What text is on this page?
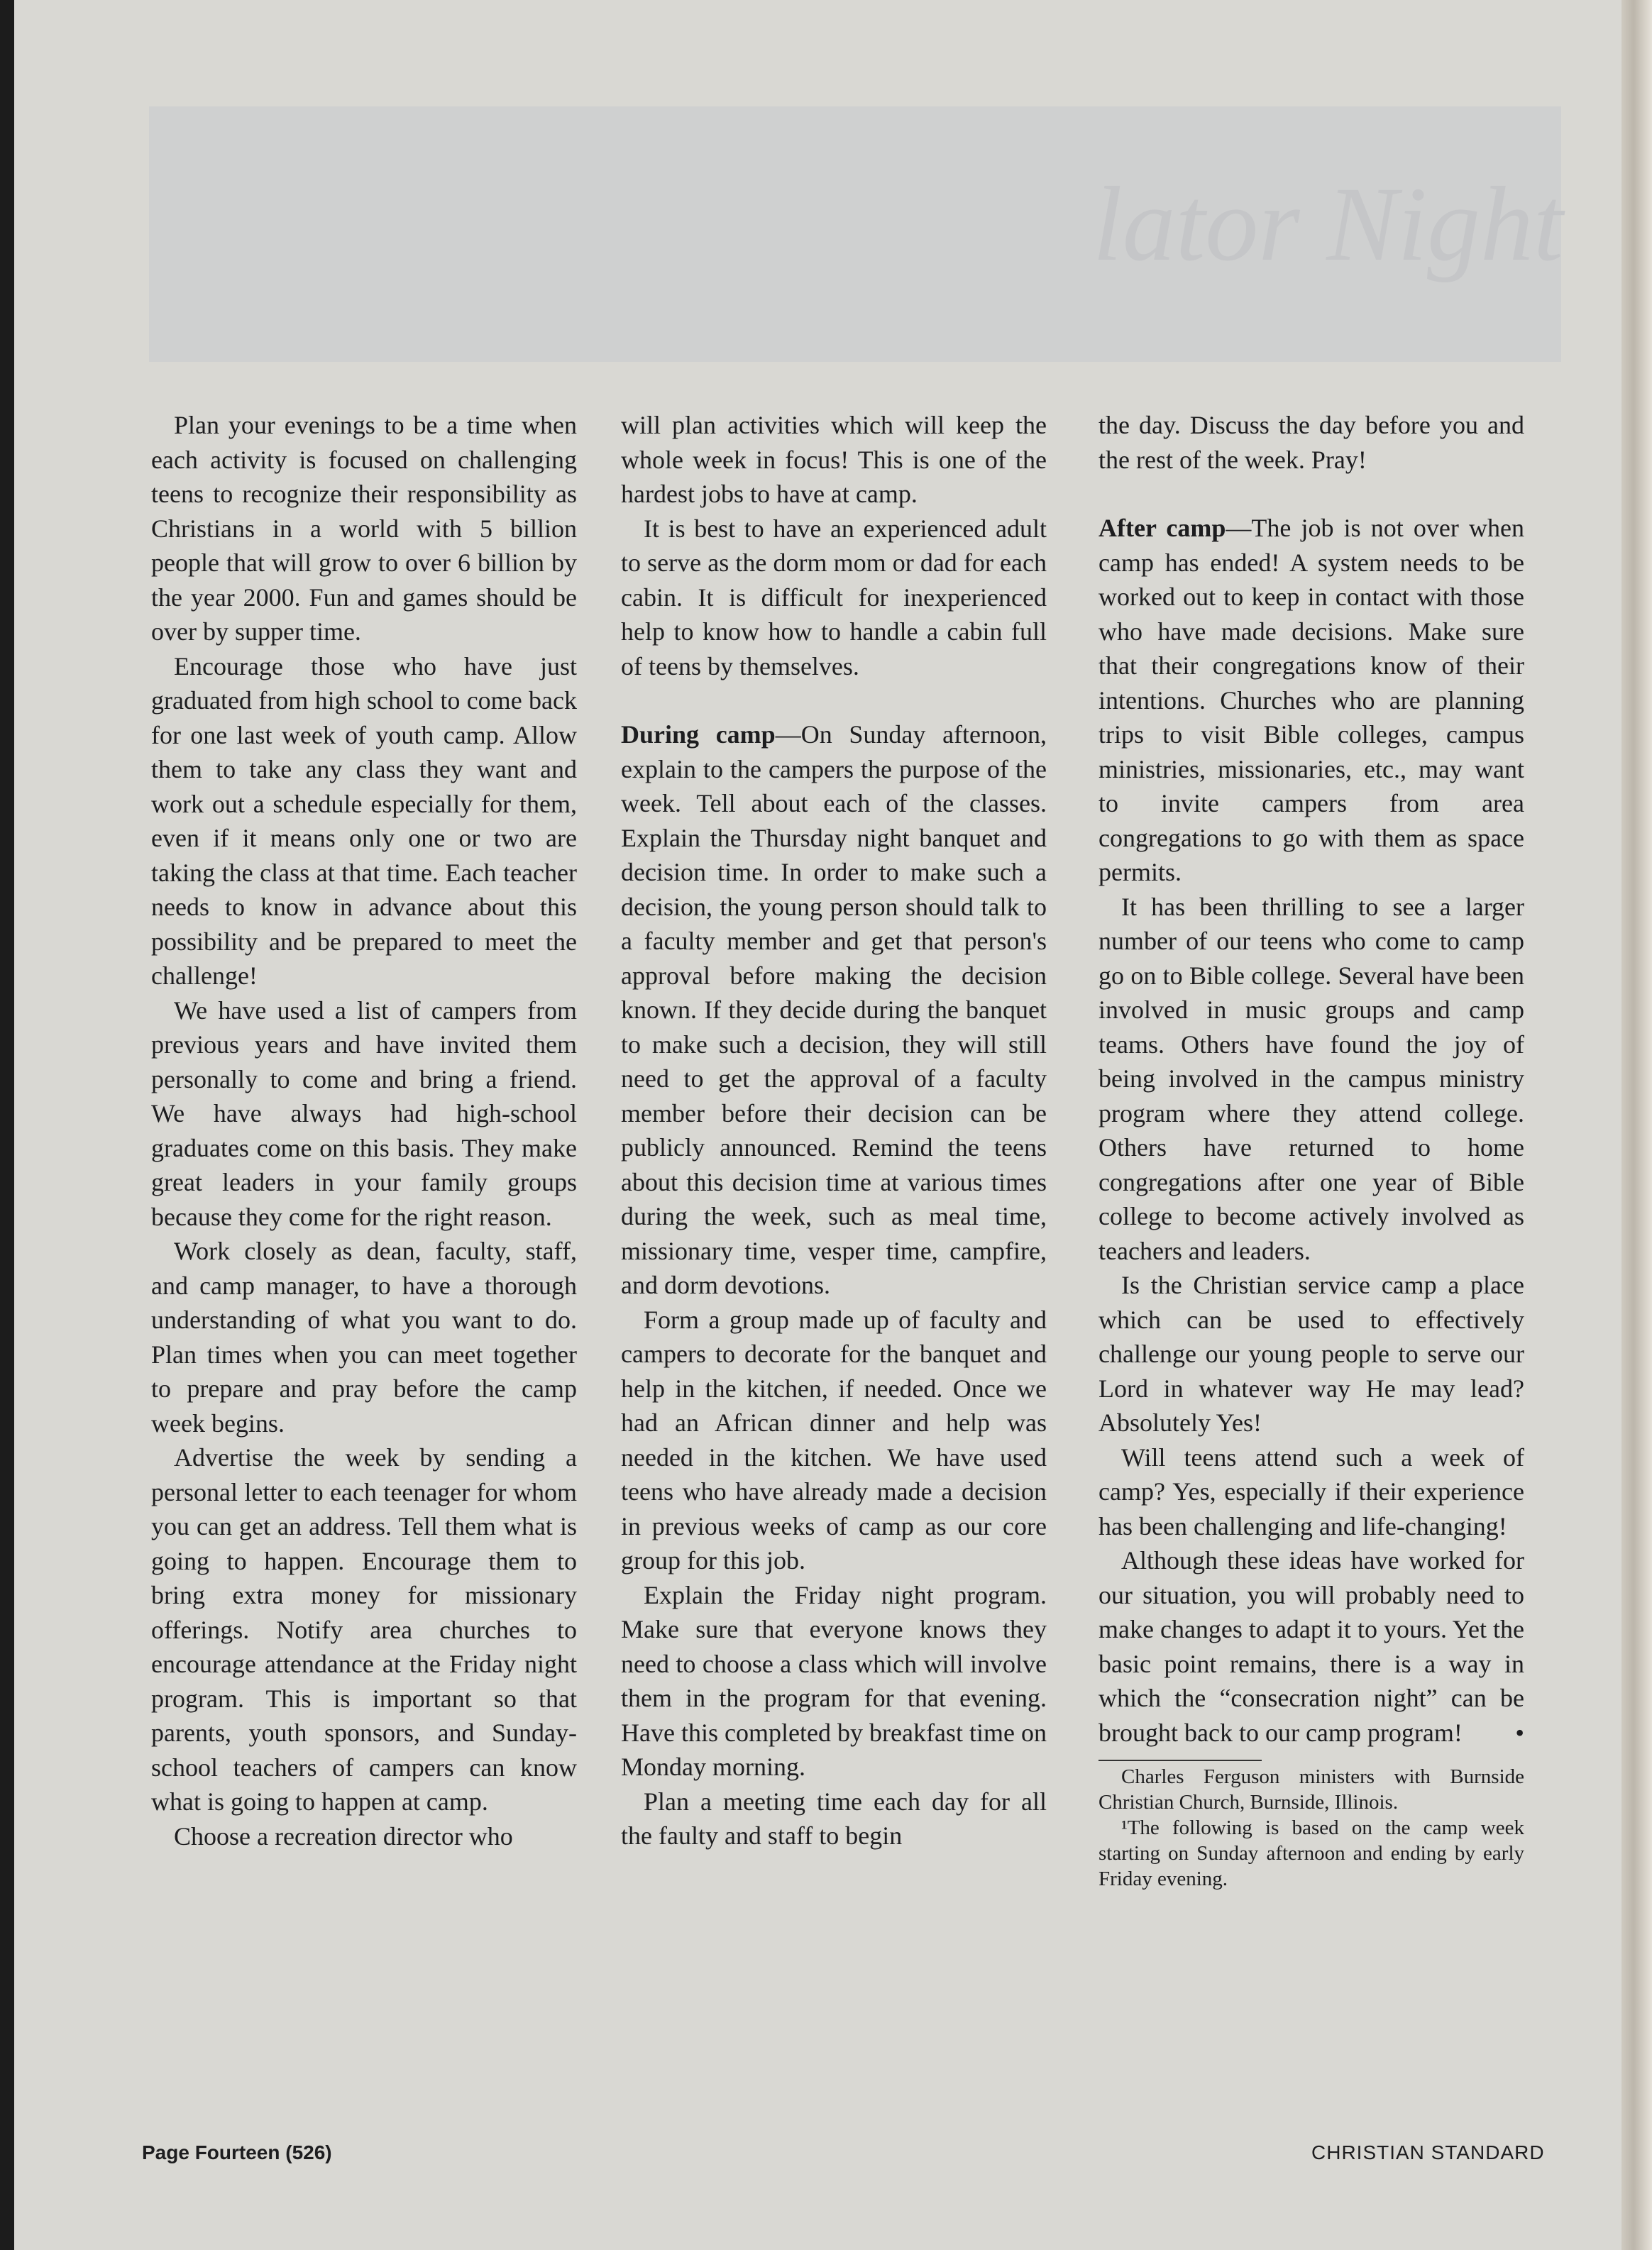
lator Night

Plan your evenings to be a time when each activity is focused on challenging teens to recognize their responsibility as Christians in a world with 5 billion people that will grow to over 6 billion by the year 2000. Fun and games should be over by supper time.

Encourage those who have just graduated from high school to come back for one last week of youth camp. Allow them to take any class they want and work out a schedule especially for them, even if it means only one or two are taking the class at that time. Each teacher needs to know in advance about this possibility and be prepared to meet the challenge!

We have used a list of campers from previous years and have invited them personally to come and bring a friend. We have always had high-school graduates come on this basis. They make great leaders in your family groups because they come for the right reason.

Work closely as dean, faculty, staff, and camp manager, to have a thorough understanding of what you want to do. Plan times when you can meet together to prepare and pray before the camp week begins.

Advertise the week by sending a personal letter to each teenager for whom you can get an address. Tell them what is going to happen. Encourage them to bring extra money for missionary offerings. Notify area churches to encourage attendance at the Friday night program. This is important so that parents, youth sponsors, and Sunday-school teachers of campers can know what is going to happen at camp.

Choose a recreation director who

will plan activities which will keep the whole week in focus! This is one of the hardest jobs to have at camp.

It is best to have an experienced adult to serve as the dorm mom or dad for each cabin. It is difficult for inexperienced help to know how to handle a cabin full of teens by themselves.

During camp—On Sunday afternoon, explain to the campers the purpose of the week. Tell about each of the classes. Explain the Thursday night banquet and decision time. In order to make such a decision, the young person should talk to a faculty member and get that person's approval before making the decision known. If they decide during the banquet to make such a decision, they will still need to get the approval of a faculty member before their decision can be publicly announced. Remind the teens about this decision time at various times during the week, such as meal time, missionary time, vesper time, campfire, and dorm devotions.

Form a group made up of faculty and campers to decorate for the banquet and help in the kitchen, if needed. Once we had an African dinner and help was needed in the kitchen. We have used teens who have already made a decision in previous weeks of camp as our core group for this job.

Explain the Friday night program. Make sure that everyone knows they need to choose a class which will involve them in the program for that evening. Have this completed by breakfast time on Monday morning.

Plan a meeting time each day for all the faulty and staff to begin

the day. Discuss the day before you and the rest of the week. Pray!

After camp—The job is not over when camp has ended! A system needs to be worked out to keep in contact with those who have made decisions. Make sure that their congregations know of their intentions. Churches who are planning trips to visit Bible colleges, campus ministries, missionaries, etc., may want to invite campers from area congregations to go with them as space permits.

It has been thrilling to see a larger number of our teens who come to camp go on to Bible college. Several have been involved in music groups and camp teams. Others have found the joy of being involved in the campus ministry program where they attend college. Others have returned to home congregations after one year of Bible college to become actively involved as teachers and leaders.

Is the Christian service camp a place which can be used to effectively challenge our young people to serve our Lord in whatever way He may lead? Absolutely Yes!

Will teens attend such a week of camp? Yes, especially if their experience has been challenging and life-changing!

Although these ideas have worked for our situation, you will probably need to make changes to adapt it to yours. Yet the basic point remains, there is a way in which the “consecration night” can be brought back to our camp program!	•

Charles Ferguson ministers with Burnside Christian Church, Burnside, Illinois.

¹The following is based on the camp week starting on Sunday afternoon and ending by early Friday evening.

Page Fourteen (526)	CHRISTIAN STANDARD
